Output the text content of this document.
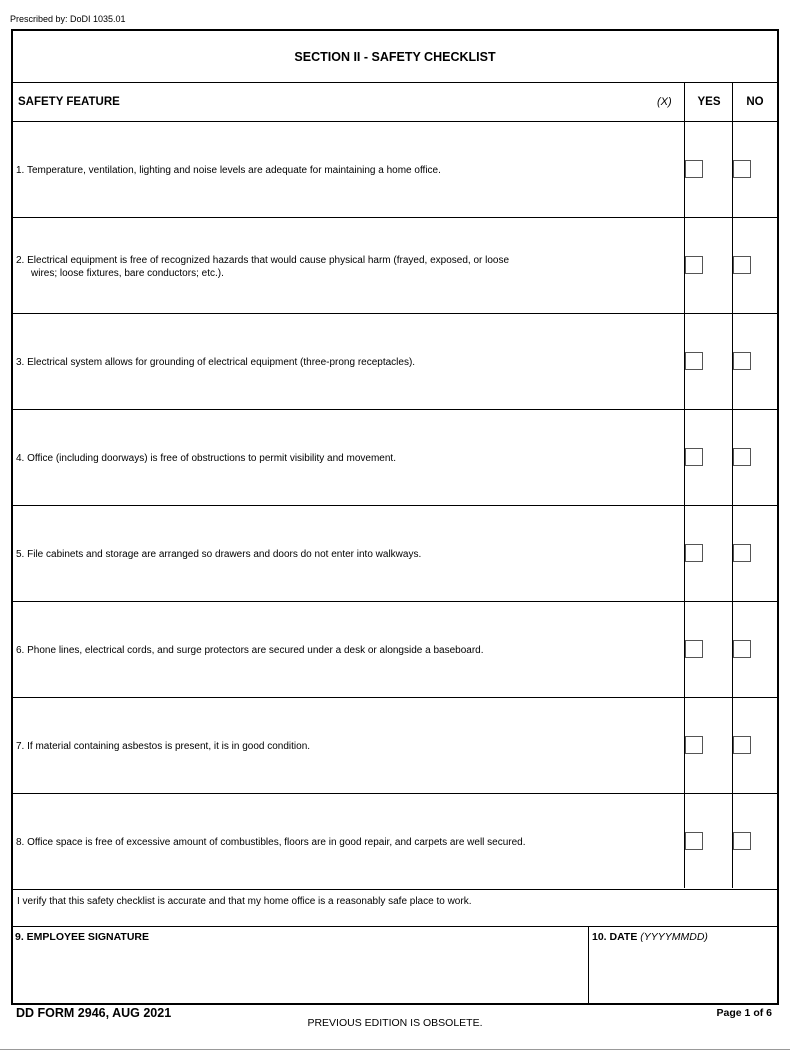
Prescribed by: DoDI 1035.01
SECTION II - SAFETY CHECKLIST
SAFETY FEATURE	(X)	YES	NO
1. Temperature, ventilation, lighting and noise levels are adequate for maintaining a home office.
2. Electrical equipment is free of recognized hazards that would cause physical harm (frayed, exposed, or loose
wires; loose fixtures, bare conductors; etc.).
3. Electrical system allows for grounding of electrical equipment (three-prong receptacles).
4. Office (including doorways) is free of obstructions to permit visibility and movement.
5. File cabinets and storage are arranged so drawers and doors do not enter into walkways.
6. Phone lines, electrical cords, and surge protectors are secured under a desk or alongside a baseboard.
7. If material containing asbestos is present, it is in good condition.
8. Office space is free of excessive amount of combustibles, floors are in good repair, and carpets are well secured.
I verify that this safety checklist is accurate and that my home office is a reasonably safe place to work.
9. EMPLOYEE SIGNATURE	10. DATE (YYYYMMDD)
DD FORM 2946, AUG 2021
PREVIOUS EDITION IS OBSOLETE.
Page 1 of 6
